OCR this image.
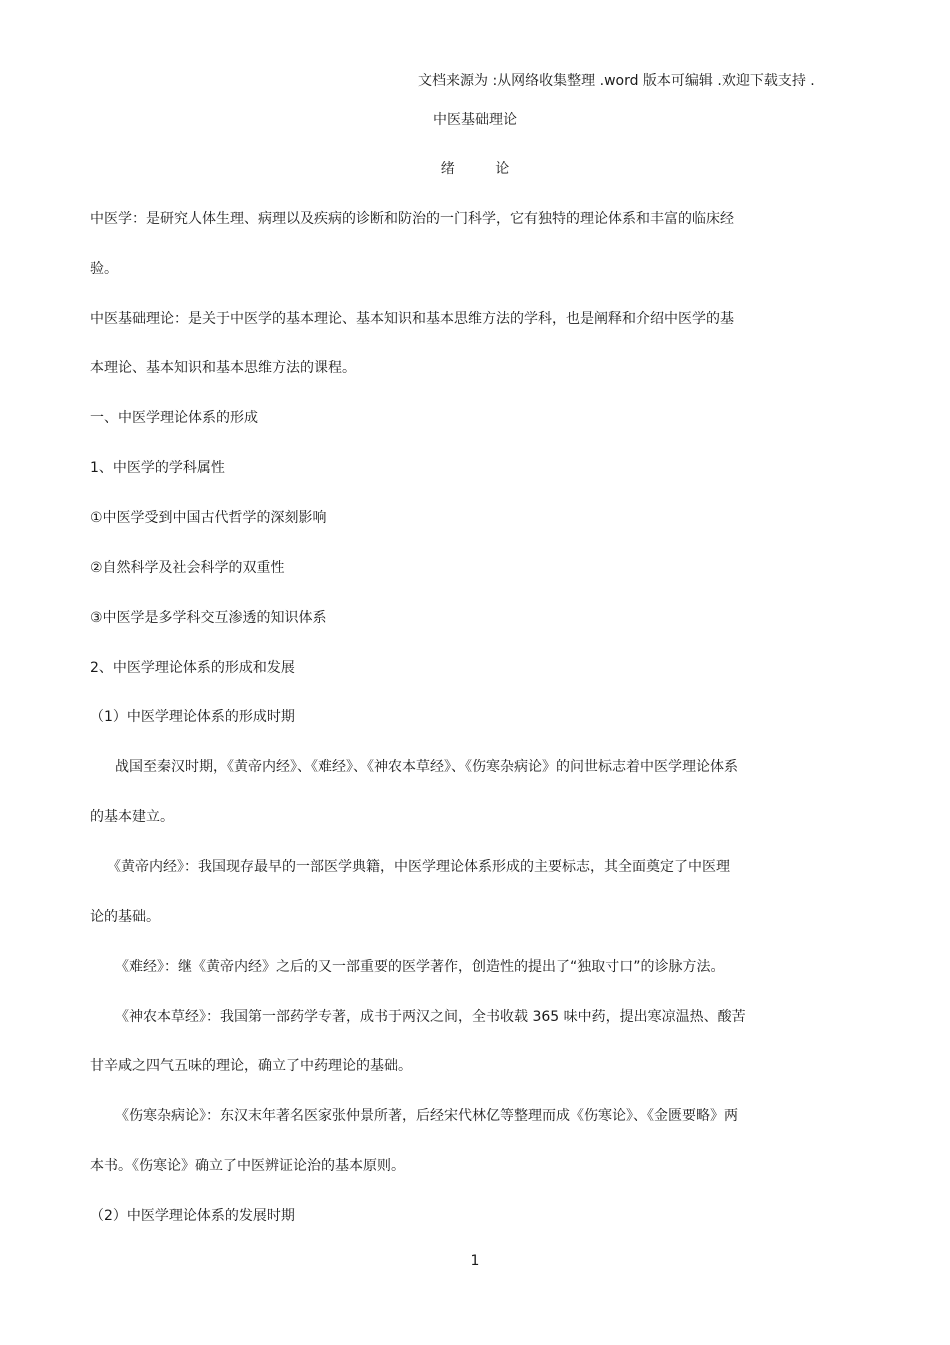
文档来源为 :从网络收集整理 .word 版本可编辑 .欢迎下载支持 .
中医基础理论
绪 论
中医学：是研究人体生理、病理以及疾病的诊断和防治的一门科学，它有独特的理论体系和丰富的临床经
验。
中医基础理论：是关于中医学的基本理论、基本知识和基本思维方法的学科，也是阐释和介绍中医学的基
本理论、基本知识和基本思维方法的课程。
一、中医学理论体系的形成
1、中医学的学科属性
①中医学受到中国古代哲学的深刻影响
②自然科学及社会科学的双重性
③中医学是多学科交互渗透的知识体系
2、中医学理论体系的形成和发展
（1）中医学理论体系的形成时期
战国至秦汉时期，《黄帝内经》、《难经》、《神农本草经》、《伤寒杂病论》的问世标志着中医学理论体系
的基本建立。
《黄帝内经》：我国现存最早的一部医学典籍，中医学理论体系形成的主要标志，其全面奠定了中医理
论的基础。
《难经》：继《黄帝内经》之后的又一部重要的医学著作，创造性的提出了“独取寸口”的诊脉方法。
《神农本草经》：我国第一部药学专著，成书于两汉之间，全书收载 365 味中药，提出寒凉温热、酸苦
甘辛咸之四气五味的理论，确立了中药理论的基础。
《伤寒杂病论》：东汉末年著名医家张仲景所著，后经宋代林亿等整理而成《伤寒论》、《金匮要略》两
本书。《伤寒论》确立了中医辨证论治的基本原则。
（2）中医学理论体系的发展时期
1
